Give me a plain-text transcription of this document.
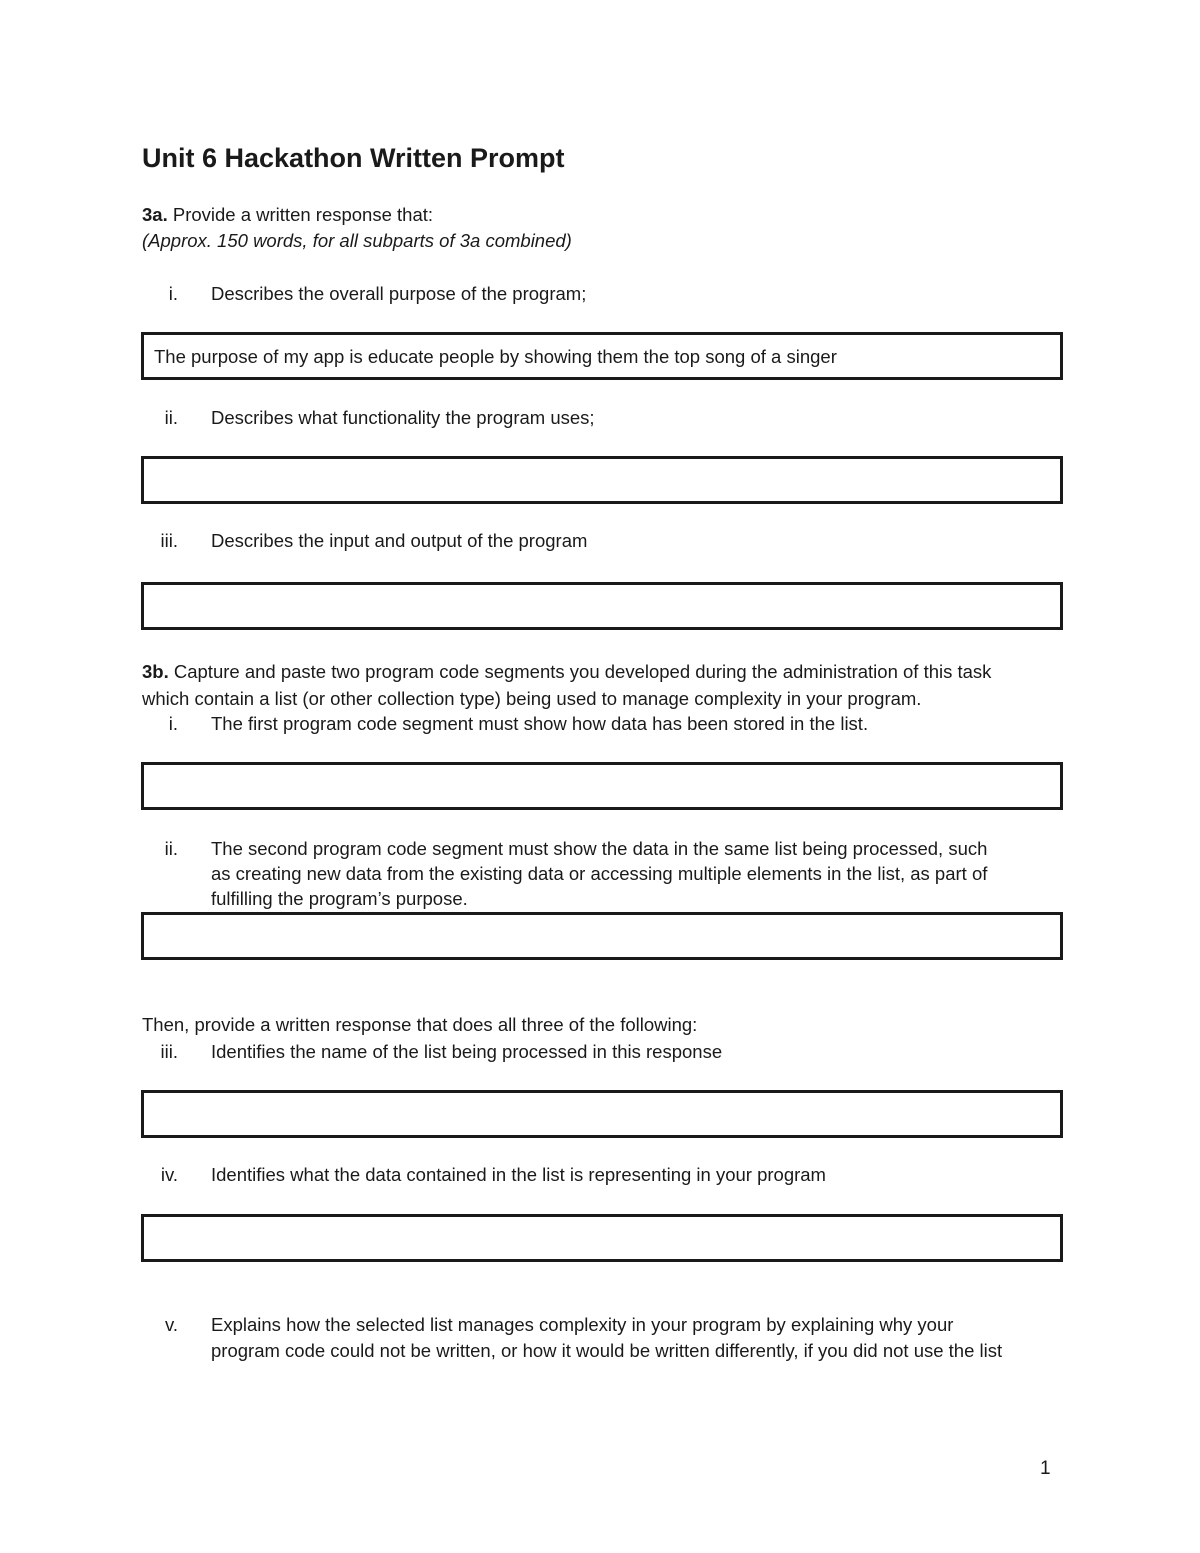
Unit 6 Hackathon Written Prompt
3a. Provide a written response that:
(Approx. 150 words, for all subparts of 3a combined)
i. Describes the overall purpose of the program;
The purpose of my app is educate people by showing them the top song of a singer
ii. Describes what functionality the program uses;
iii. Describes the input and output of the program
3b. Capture and paste two program code segments you developed during the administration of this task
which contain a list (or other collection type) being used to manage complexity in your program.
i. The first program code segment must show how data has been stored in the list.
ii. The second program code segment must show the data in the same list being processed, such
as creating new data from the existing data or accessing multiple elements in the list, as part of
fulfilling the program’s purpose.
Then, provide a written response that does all three of the following:
iii. Identifies the name of the list being processed in this response
iv. Identifies what the data contained in the list is representing in your program
v. Explains how the selected list manages complexity in your program by explaining why your
program code could not be written, or how it would be written differently, if you did not use the list
1
